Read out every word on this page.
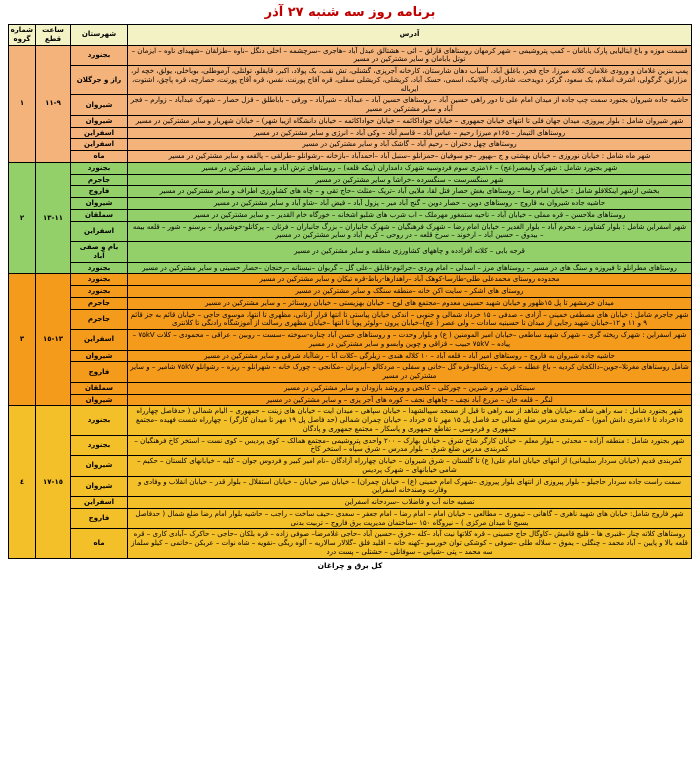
برنامه روز سه شنبه ۲۷ آذر
آدرس	شهرستان	ساعت قطع	شماره گروه
قسمت موزه و باغ ایتالیایی پارک بابامان – کمپ پتروشیمی – شهر کرمهان روستاهای قارلق – ائی – هشتالق عبدل آباد –هاجری –سرچشمه – اخلی دنگل –ناوه –طزلقان –شهیدای ناوه – ایزمان – توتل بابامان و سایر مشترکین در مسیر	بجنورد	٩-١١	١
پمپ بنزین غلامان و ورودی غلامان، کلاته میرزا، حاج فجر، باغلق آباد، آسیاب دهان شارستان، کارخانه آجرپزی، گشنلی، تش نقب، بک پولاد، اکبر، قایقلو، تولتلی، آرموطلی، بوباخلی، یولق، خچه لر، مزارلق، گرگولی، اشرف اسلام، یک سعود، گرکز، دویدخت، شادرلی، چالانیک، اسمی، حسک آباد، کریشلی، کریشلی سفلی، قره آقاج پورنت، نفس، قره آقاج پورنت، حصارچه، قره پاچق، اشتوت، ایرباله	راز و جرگلان		
حاشیه جاده شیروان بجنورد سمت چپ جاده از میدان امام علی تا دور راهی حسین آباد – روستاهای حسین آباد – عبدآباد – شیرآباد – ورقی – باباطلق – قزل حصار – شهرک عبدآباد – زوارم – فجر آباد و سایر مشترکین در مسیر	شیروان		
شهر شیروان شامل : بلوار پیروزی، میدان جهان فلی تا انتهای خیابان جمهوری – خیابان جواداکائمه – خیابان حواداکائمه – خیابان دانشگاه ازیبا شهر) – خیابان شهریار و سایر مشترکین در مسیر	شیروان		
روستاهای التیمار – ۱۶۵م میرزا رحیم – عباس آباد – قاسم آباد – وکی آباد – انرژی و سایر مشترکین در مسیر	اسفراین		
روستاهای چهل دختران – رحیم آباد – گاشک آباد و سایر مشترکین در مسیر	اسفراین		
شهر ماه شامل : خیابان نوروزی – خیابان بهشتی و ج –بهپور –جو سوفیان –حمزانلو –سنبل آباد –احمدآباد –بازخانه –رشوانلو –طرلقی – پالقعه و سایر مشترکین در مسیر	ماه		
شهر بجنورد شامل : شهرک ولیعصر(عج) – ۱۶متری سوم فردوسیه شهرک دامداران (پیکه قلعه) – روستاهای ترش آباد و سایر مشترکین در مسیر	بجنورد	١١-١٣	٢
شهر سنگسرست – سنگسرده –خراشا و سایر مشترکین در مسیر	جاجرم		
بخشی ازشهر اینکلافلو شامل : خیابان امام رضا – روستاهای بغش حصار فتل لقا، ملایی آباد –تریک –مثلث –حاج تقی و – چاه های کشاورزی اطراف و سایر مشترکین در مسیر	فاروج		
حاشیه جاده شیروان به قاروج – روستاهای دوین – حصار دوین – گنج آباد میر – پزول آباد – فیض آباد –شاو آباد و سایر مشترکین در مسیر	شیروان		
روستاهای ملاحسن – قره مملی – خیابان آباد – ناحیه ستمغور مهرملک – اب شرب های شلبو اشخانه – خورگاه خام القدیر – و سایر مشترکین در مسیر	سملقان		
شهر اسفراین شامل : بلوار کشاورز – محرم آباد – بلوار الغدیر – خیابان امام رضا – شهرک فرهنگیان – شهرک جانباران – بزرگ جانباران – فرثان – پرکاتلو-خوشیروار – برسنو – شور – قلعه بیمه – بیدوق – حسین آباد – ارخوند – سرخ قلعه – در روحی – کریم آباد و سایر مشترکین در مسیر	اسفراین		
قرجه بابی – کلاته آفرادده و چاههای کشاورزی منطقه و سایر مشترکین در مسیر	بام و صفی آباد		
روستاهای مطرانلو تا فیروزه و سنگ های در مسیر – روستاهای مرز – اسدلی – امام وردی –جراثوم-قایلق –علی گل – گریوان –نبستانه –رخنجان –حصار حسینی و سایر مشترکین در مسیر	بجنورد		
محدوده روستای محمدعلی طلی-طارسا-کوهک آباد –راهدارها-رباط-قره تیکان و سایر مشترکین در مسیر	بجنورد	١٣-١٥	٣
روستای های اشکر – سایت اکن خانه –منطقه سنگک و سایر مشترکین در مسیر	بجنورد		
میدان خرمشهر تا پل ۱۵ظهور و خیابان شهید حسینی معدوم –مجتمع های لوح – خیابان بهزیستی – خیابان روستائر – و سایر مشترکین در مسیر	جاجرم		
شهر جاجرم شامل : خیابان های مصطفی خمینی – آزادی – صدفی – ۱۵ خرداد شمالی و جنوبی – اندکی خیابان پیاستی تا انتها قرار آرتانی، مظهری تا انتها، موسوی حاجی – خیابان قائم به جز قائم ۹ و ۱۱ و ۱۲–خیابان شهید رجایی از میدان تا حسینیه سادات – ولی عصر ( عج)–خیابان پرون –ولوئر پویا تا انتها –خیابان مظهری رسالت از آموزشگاه رادنگی تا کلانتری	جاجرم		
شهر اسفراین : شهرک ریخته گری – شهرک شهید ساطعی –خیابان امیر المومنین ( ع) و بلوار وحدت – و روستاهای حسن آباد چناره-سوخته –سست – روبین – عراقی – محمودی – کلات ۷۵kV – پیاده – ۷۵kV حبیب – قزاقی و چوین وابسو و سایر مشترکین در مسیر	اسفراین		
حاشیه جاده شیروان به فاروج – روستاهای امیر آباد – قلعه آباد – ۱۰ کلاله هندی – زیلرگی –کلات آبا – رشاآباد شرقی و سایر مشترکین در مسیر	شیروان		
شامل روستاهای مغرتلا–جوین–دالکجان کردیه – باغ عطله – عربک – زیتکالو–قره گل –خانی و سفلی – مردکالو –آبریزان –مکانجی – چورک خانه – شهرانلو – ریزه – رشوانلو ۷۵kV شامیر – و سایر مشترکین در مسیر	فاروج		
سینتکلی شور و شیرین – چورکلی – کانجی و وروشد بازودان و سایر مشترکین در مسیر	سملقان		
لنگر – قلعه خان – مزرع آباد نچف – چاههای نجف – کوره های آجر پزی – و سایر مشترکین در مسیر	شیروان		
شهر بجنورد شامل : سه راهی شاهد –خیابان های شاهد از سه راهی تا قبل از مسجد سپیالشهدا – خیابان سپاهی – میدان ایت – خیابان های زینت – جمهوری – الیام شمالی ( حدفاصل چهارراه ۱۵خرداد تا ۱۶متری دانش آموز) – کمربندی مدرس ضلع شمالی حد فاصل پل ۱۵ مهر تا ۵ خرداد – خیابان چمران شمالی (حد فاصل پل ۱۹ مهر تا میدان کارگر) – چهارراه شست فهیده –مجتمع جمهوری و فردوسی – تقاطع جمهوری و پاسکار – مجتمع جمهوری و پادگان	بجنورد	١٥-١٧	٤
شهر بجنورد شامل : منطقه آزاده – محدثی – بلوار معلم – خیابان کارگر شاخ شرق – خیابان بهارک – ۲۰۰ واحدی پتروشیمی –مجتمع همالک – کوی پردیس – کوی نست – استخر کاخ فرهنگیان – کمربندی مدرس ضلع شرق – بلوار مدرس – شرق سپاه – استخر کاخ	بجنورد		
کمربندی قدیم (خیابان سردار سلیمانی) از انتهای خیابان امام علی( ع) تا گلستان – شرق شیروان – خیابان چهارراه آزادگان –نام امیر کبیر و فردوس جوان – کلیه – خیابانهای کلستان – حکیم – شامی خیابانهای – شهرک پردیس	شیروان		
سمت راست جاده سردار حاجیلو – بلوار پیروزی از انتهای بلوار پیروزی –شهرک امام خمینی (ع) – خیابان چمران) – خیابان میر خیابان – خیابان استقلال – بلوار قدر – خیابان انقلاب و وفادی و وفارت وصندخانه اسفراین	شیروان		
تصفیه خانه آب و فاضلاب –سردخانه اسفراین	اسفراین		
شهر فاروج شامل: خیابان های شهید ناهری – گاهانی – تیموری – مطالعی – خیابان امام – امام رضا – امام جعفر – سعدی –حیف ساخت – راجب – حاشیه بلوار امام رضا ضلع شمال ( حدفاصل بسیج تا میدان مرکزی ) – نیروگاه ۱۵۰ –ساختمان مدیریت برق فاروج – تربیت بدنی	فاروج		
روستاهای کلاته چنار –قنبری ها – قلیچ قامیش –کاوگال حاج حسینی – قره کلاتها نیت آباد –کله –خرق –حسین آباد –حاجی غلامرضا– صوفی زاده – قره بلکان –حاجی – حاکرک –آبادی کاری – قره قلعه بالا و پایین – آباد محمد – چنگلی – یموق – سلاله طلی –صوفی – کوشکی توان خورسو –کهنه خانه – اقلید فلق –گلالار سالاریه – آلوه ریگی –نقویه – شاه نوات – عربکن –خاتمی – کیلو سلماز سه محمد – پتی –شیانی – سوفانلی – حشتلی – پست درد	ماه		
کل برق و چراغان
